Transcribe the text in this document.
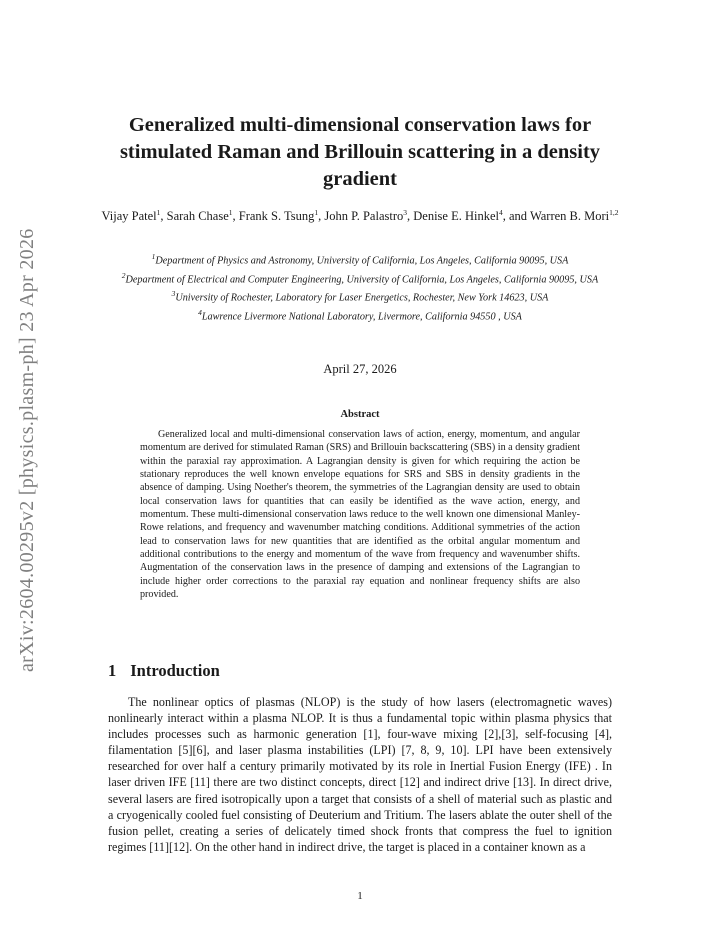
arXiv:2604.00295v2 [physics.plasm-ph] 23 Apr 2026
Generalized multi-dimensional conservation laws for stimulated Raman and Brillouin scattering in a density gradient
Vijay Patel$^1$, Sarah Chase$^1$, Frank S. Tsung$^1$, John P. Palastro$^3$, Denise E. Hinkel$^4$, and Warren B. Mori$^{1,2}$
$^1$Department of Physics and Astronomy, University of California, Los Angeles, California 90095, USA
$^2$Department of Electrical and Computer Engineering, University of California, Los Angeles, California 90095, USA
$^3$University of Rochester, Laboratory for Laser Energetics, Rochester, New York 14623, USA
$^4$Lawrence Livermore National Laboratory, Livermore, California 94550 , USA
April 27, 2026
Abstract
Generalized local and multi-dimensional conservation laws of action, energy, momentum, and angular momentum are derived for stimulated Raman (SRS) and Brillouin backscattering (SBS) in a density gradient within the paraxial ray approximation. A Lagrangian density is given for which requiring the action be stationary reproduces the well known envelope equations for SRS and SBS in density gradients in the absence of damping. Using Noether's theorem, the symmetries of the Lagrangian density are used to obtain local conservation laws for quantities that can easily be identified as the wave action, energy, and momentum. These multi-dimensional conservation laws reduce to the well known one dimensional Manley-Rowe relations, and frequency and wavenumber matching conditions. Additional symmetries of the action lead to conservation laws for new quantities that are identified as the orbital angular momentum and additional contributions to the energy and momentum of the wave from frequency and wavenumber shifts. Augmentation of the conservation laws in the presence of damping and extensions of the Lagrangian to include higher order corrections to the paraxial ray equation and nonlinear frequency shifts are also provided.
1 Introduction
The nonlinear optics of plasmas (NLOP) is the study of how lasers (electromagnetic waves) nonlinearly interact within a plasma NLOP. It is thus a fundamental topic within plasma physics that includes processes such as harmonic generation [1], four-wave mixing [2],[3], self-focusing [4], filamentation [5][6], and laser plasma instabilities (LPI) [7, 8, 9, 10]. LPI have been extensively researched for over half a century primarily motivated by its role in Inertial Fusion Energy (IFE) . In laser driven IFE [11] there are two distinct concepts, direct [12] and indirect drive [13]. In direct drive, several lasers are fired isotropically upon a target that consists of a shell of material such as plastic and a cryogenically cooled fuel consisting of Deuterium and Tritium. The lasers ablate the outer shell of the fusion pellet, creating a series of delicately timed shock fronts that compress the fuel to ignition regimes [11][12]. On the other hand in indirect drive, the target is placed in a container known as a
1
